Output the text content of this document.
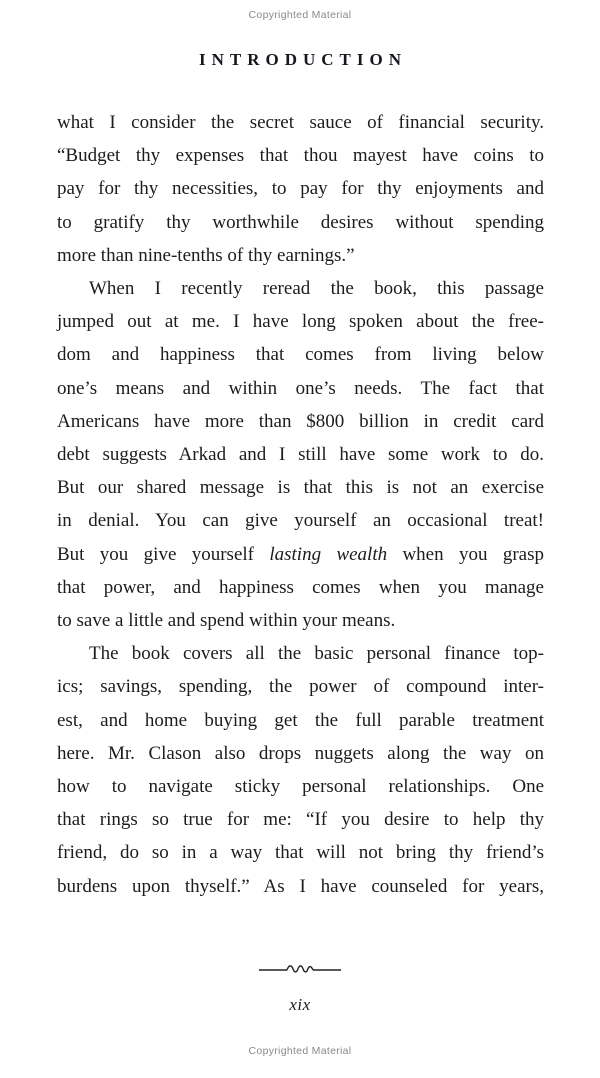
Copyrighted Material
INTRODUCTION
what I consider the secret sauce of financial security.
“Budget thy expenses that thou mayest have coins to
pay for thy necessities, to pay for thy enjoyments and
to gratify thy worthwhile desires without spending
more than nine-tenths of thy earnings.”
When I recently reread the book, this passage
jumped out at me. I have long spoken about the free-
dom and happiness that comes from living below
one’s means and within one’s needs. The fact that
Americans have more than $800 billion in credit card
debt suggests Arkad and I still have some work to do.
But our shared message is that this is not an exercise
in denial. You can give yourself an occasional treat!
But you give yourself lasting wealth when you grasp
that power, and happiness comes when you manage
to save a little and spend within your means.
The book covers all the basic personal finance top-
ics; savings, spending, the power of compound inter-
est, and home buying get the full parable treatment
here. Mr. Clason also drops nuggets along the way on
how to navigate sticky personal relationships. One
that rings so true for me: “If you desire to help thy
friend, do so in a way that will not bring thy friend’s
burdens upon thyself.” As I have counseled for years,
xix
Copyrighted Material
